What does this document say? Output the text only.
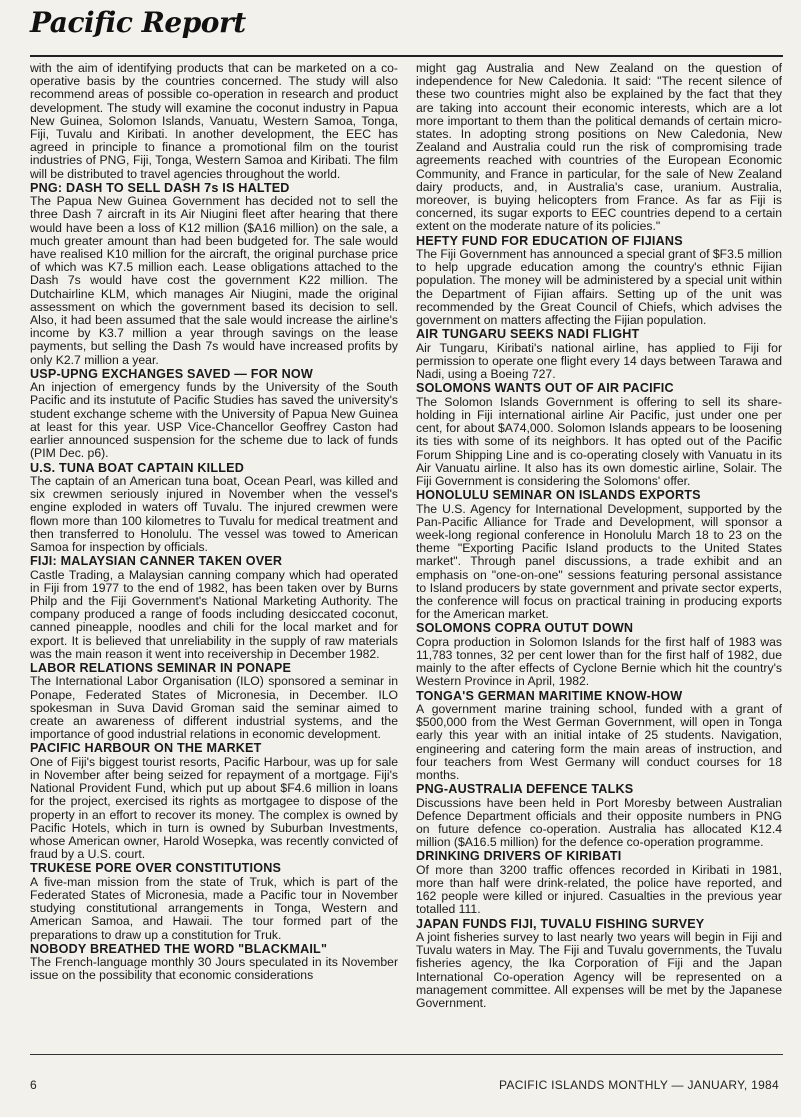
Pacific Report

with the aim of identifying products that can be marketed on a co-operative basis by the countries concerned. The study will also recommend areas of possible co-operation in research and product development. The study will examine the coconut industry in Papua New Guinea, Solomon Islands, Vanuatu, Western Samoa, Tonga, Fiji, Tuvalu and Kiribati. In another development, the EEC has agreed in principle to finance a promotional film on the tourist industries of PNG, Fiji, Tonga, Western Samoa and Kiribati. The film will be distributed to travel agencies throughout the world.

PNG: DASH TO SELL DASH 7s IS HALTED

The Papua New Guinea Government has decided not to sell the three Dash 7 aircraft in its Air Niugini fleet after hearing that there would have been a loss of K12 million ($A16 million) on the sale, a much greater amount than had been budgeted for. The sale would have realised K10 million for the aircraft, the original purchase price of which was K7.5 million each. Lease obligations attached to the Dash 7s would have cost the government K22 million. The Dutchairline KLM, which manages Air Niugini, made the original assessment on which the government based its decision to sell. Also, it had been assumed that the sale would increase the airline's income by K3.7 million a year through savings on the lease payments, but selling the Dash 7s would have increased profits by only K2.7 million a year.

USP-UPNG EXCHANGES SAVED — FOR NOW

An injection of emergency funds by the University of the South Pacific and its instutute of Pacific Studies has saved the university's student exchange scheme with the University of Papua New Guinea at least for this year. USP Vice-Chancellor Geoffrey Caston had earlier announced suspension for the scheme due to lack of funds (PIM Dec. p6).

U.S. TUNA BOAT CAPTAIN KILLED

The captain of an American tuna boat, Ocean Pearl, was killed and six crewmen seriously injured in November when the vessel's engine exploded in waters off Tuvalu. The injured crewmen were flown more than 100 kilometres to Tuvalu for medical treatment and then transferred to Honolulu. The vessel was towed to American Samoa for inspection by officials.

FIJI: MALAYSIAN CANNER TAKEN OVER

Castle Trading, a Malaysian canning company which had operated in Fiji from 1977 to the end of 1982, has been taken over by Burns Philp and the Fiji Government's National Marketing Authority. The company produced a range of foods including desiccated coconut, canned pineapple, noodles and chili for the local market and for export. It is believed that unreliability in the supply of raw materials was the main reason it went into receivership in December 1982.

LABOR RELATIONS SEMINAR IN PONAPE

The International Labor Organisation (ILO) sponsored a seminar in Ponape, Federated States of Micronesia, in December. ILO spokesman in Suva David Groman said the seminar aimed to create an awareness of different industrial systems, and the importance of good industrial relations in economic development.

PACIFIC HARBOUR ON THE MARKET

One of Fiji's biggest tourist resorts, Pacific Harbour, was up for sale in November after being seized for repayment of a mortgage. Fiji's National Provident Fund, which put up about $F4.6 million in loans for the project, exercised its rights as mortgagee to dispose of the property in an effort to recover its money. The complex is owned by Pacific Hotels, which in turn is owned by Suburban Investments, whose American owner, Harold Wosepka, was recently convicted of fraud by a U.S. court.

TRUKESE PORE OVER CONSTITUTIONS

A five-man mission from the state of Truk, which is part of the Federated States of Micronesia, made a Pacific tour in November studying constitutional arrangements in Tonga, Western and American Samoa, and Hawaii. The tour formed part of the preparations to draw up a constitution for Truk.

NOBODY BREATHED THE WORD "BLACKMAIL"

The French-language monthly 30 Jours speculated in its November issue on the possibility that economic considerations

might gag Australia and New Zealand on the question of independence for New Caledonia. It said: "The recent silence of these two countries might also be explained by the fact that they are taking into account their economic interests, which are a lot more important to them than the political demands of certain micro-states. In adopting strong positions on New Caledonia, New Zealand and Australia could run the risk of compromising trade agreements reached with countries of the European Economic Community, and France in particular, for the sale of New Zealand dairy products, and, in Australia's case, uranium. Australia, moreover, is buying helicopters from France. As far as Fiji is concerned, its sugar exports to EEC countries depend to a certain extent on the moderate nature of its policies."

HEFTY FUND FOR EDUCATION OF FIJIANS

The Fiji Government has announced a special grant of $F3.5 million to help upgrade education among the country's ethnic Fijian population. The money will be administered by a special unit within the Department of Fijian affairs. Setting up of the unit was recommended by the Great Council of Chiefs, which advises the government on matters affecting the Fijian population.

AIR TUNGARU SEEKS NADI FLIGHT

Air Tungaru, Kiribati's national airline, has applied to Fiji for permission to operate one flight every 14 days between Tarawa and Nadi, using a Boeing 727.

SOLOMONS WANTS OUT OF AIR PACIFIC

The Solomon Islands Government is offering to sell its share-holding in Fiji international airline Air Pacific, just under one per cent, for about $A74,000. Solomon Islands appears to be loosening its ties with some of its neighbors. It has opted out of the Pacific Forum Shipping Line and is co-operating closely with Vanuatu in its Air Vanuatu airline. It also has its own domestic airline, Solair. The Fiji Government is considering the Solomons' offer.

HONOLULU SEMINAR ON ISLANDS EXPORTS

The U.S. Agency for International Development, supported by the Pan-Pacific Alliance for Trade and Development, will sponsor a week-long regional conference in Honolulu March 18 to 23 on the theme "Exporting Pacific Island products to the United States market". Through panel discussions, a trade exhibit and an emphasis on "one-on-one" sessions featuring personal assistance to Island producers by state government and private sector experts, the conference will focus on practical training in producing exports for the American market.

SOLOMONS COPRA OUTUT DOWN

Copra production in Solomon Islands for the first half of 1983 was 11,783 tonnes, 32 per cent lower than for the first half of 1982, due mainly to the after effects of Cyclone Bernie which hit the country's Western Province in April, 1982.

TONGA'S GERMAN MARITIME KNOW-HOW

A government marine training school, funded with a grant of $500,000 from the West German Government, will open in Tonga early this year with an initial intake of 25 students. Navigation, engineering and catering form the main areas of instruction, and four teachers from West Germany will conduct courses for 18 months.

PNG-AUSTRALIA DEFENCE TALKS

Discussions have been held in Port Moresby between Australian Defence Department officials and their opposite numbers in PNG on future defence co-operation. Australia has allocated K12.4 million ($A16.5 million) for the defence co-operation programme.

DRINKING DRIVERS OF KIRIBATI

Of more than 3200 traffic offences recorded in Kiribati in 1981, more than half were drink-related, the police have reported, and 162 people were killed or injured. Casualties in the previous year totalled 111.

JAPAN FUNDS FIJI, TUVALU FISHING SURVEY

A joint fisheries survey to last nearly two years will begin in Fiji and Tuvalu waters in May. The Fiji and Tuvalu governments, the Tuvalu fisheries agency, the Ika Corporation of Fiji and the Japan International Co-operation Agency will be represented on a management committee. All expenses will be met by the Japanese Government.

6	PACIFIC ISLANDS MONTHLY — JANUARY, 1984
